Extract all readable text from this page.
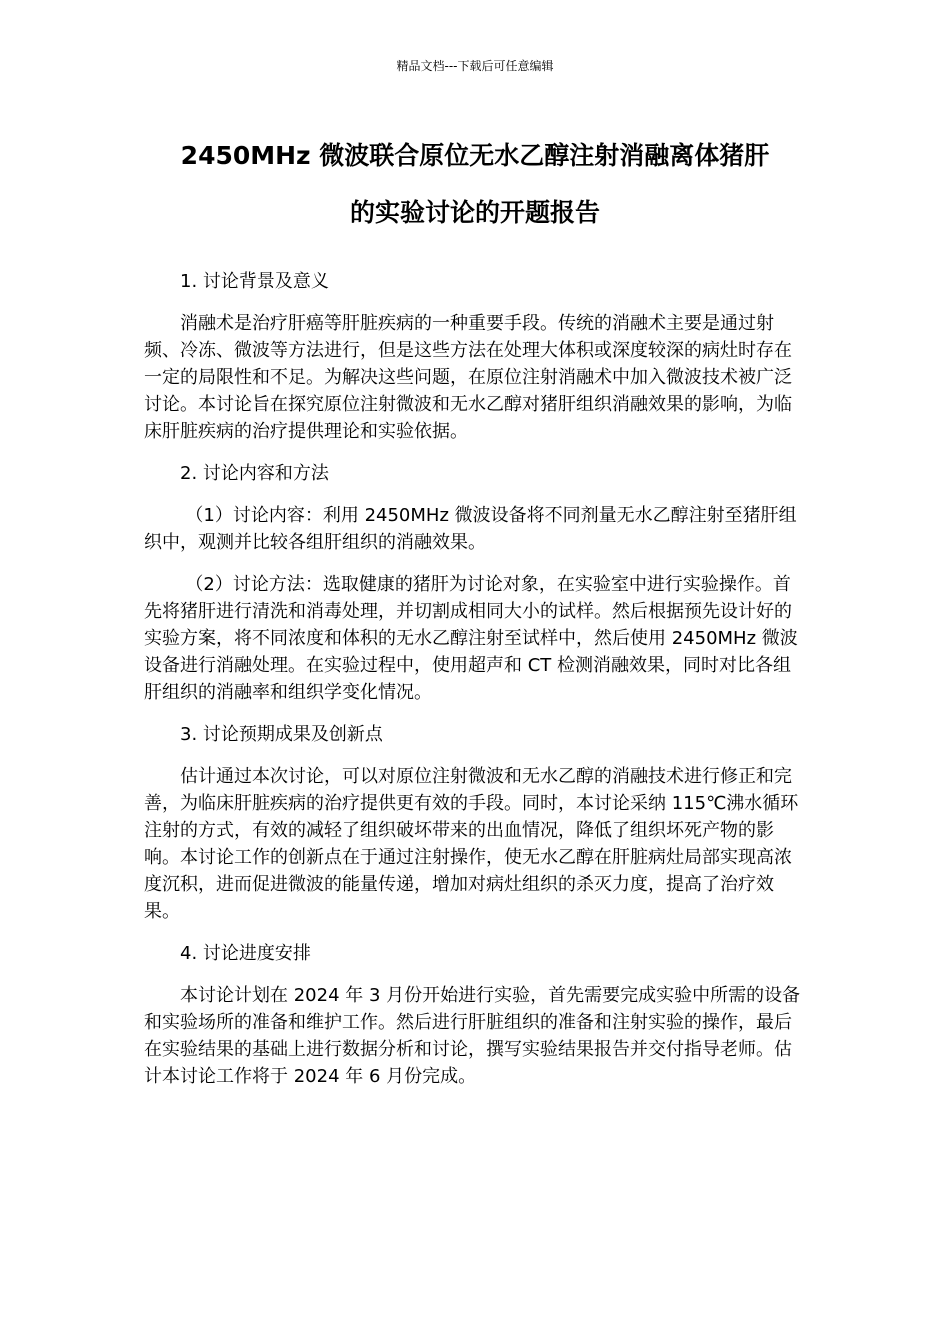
精品文档---下载后可任意编辑
2450MHz 微波联合原位无水乙醇注射消融离体猪肝
的实验讨论的开题报告

1. 讨论背景及意义

消融术是治疗肝癌等肝脏疾病的一种重要手段。传统的消融术主要是通过射频、冷冻、微波等方法进行，但是这些方法在处理大体积或深度较深的病灶时存在一定的局限性和不足。为解决这些问题，在原位注射消融术中加入微波技术被广泛讨论。本讨论旨在探究原位注射微波和无水乙醇对猪肝组织消融效果的影响，为临床肝脏疾病的治疗提供理论和实验依据。

2. 讨论内容和方法

（1）讨论内容：利用 2450MHz 微波设备将不同剂量无水乙醇注射至猪肝组织中，观测并比较各组肝组织的消融效果。

（2）讨论方法：选取健康的猪肝为讨论对象，在实验室中进行实验操作。首先将猪肝进行清洗和消毒处理，并切割成相同大小的试样。然后根据预先设计好的实验方案，将不同浓度和体积的无水乙醇注射至试样中，然后使用 2450MHz 微波设备进行消融处理。在实验过程中，使用超声和 CT 检测消融效果，同时对比各组肝组织的消融率和组织学变化情况。

3. 讨论预期成果及创新点

估计通过本次讨论，可以对原位注射微波和无水乙醇的消融技术进行修正和完善，为临床肝脏疾病的治疗提供更有效的手段。同时，本讨论采纳 115℃沸水循环注射的方式，有效的减轻了组织破坏带来的出血情况，降低了组织坏死产物的影响。本讨论工作的创新点在于通过注射操作，使无水乙醇在肝脏病灶局部实现高浓度沉积，进而促进微波的能量传递，增加对病灶组织的杀灭力度，提高了治疗效果。

4. 讨论进度安排

本讨论计划在 2024 年 3 月份开始进行实验，首先需要完成实验中所需的设备和实验场所的准备和维护工作。然后进行肝脏组织的准备和注射实验的操作，最后在实验结果的基础上进行数据分析和讨论，撰写实验结果报告并交付指导老师。估计本讨论工作将于 2024 年 6 月份完成。
